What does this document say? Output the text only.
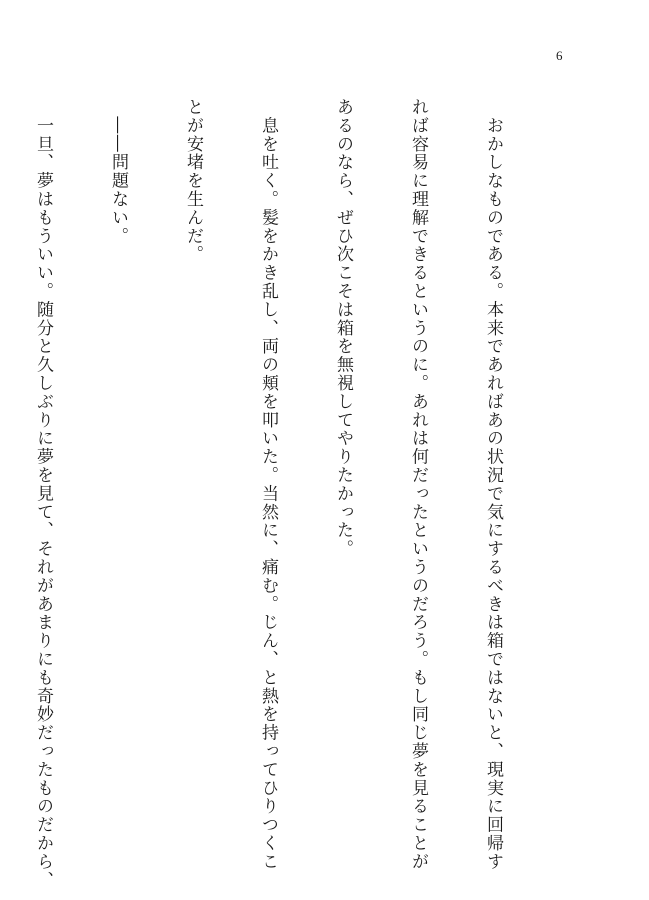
6

　おかしなものである。本来であればあの状況で気にするべきは箱ではないと、現実に回帰す

れば容易に理解できるというのに。あれは何だったというのだろう。もし同じ夢を見ることが

あるのなら、ぜひ次こそは箱を無視してやりたかった。

　息を吐く。髪をかき乱し、両の頬を叩いた。当然に、痛む。じん、と熱を持ってひりつくこ

とが安堵を生んだ。

　――問題ない。

　一旦、夢はもういい。随分と久しぶりに夢を見て、それがあまりにも奇妙だったものだから、
